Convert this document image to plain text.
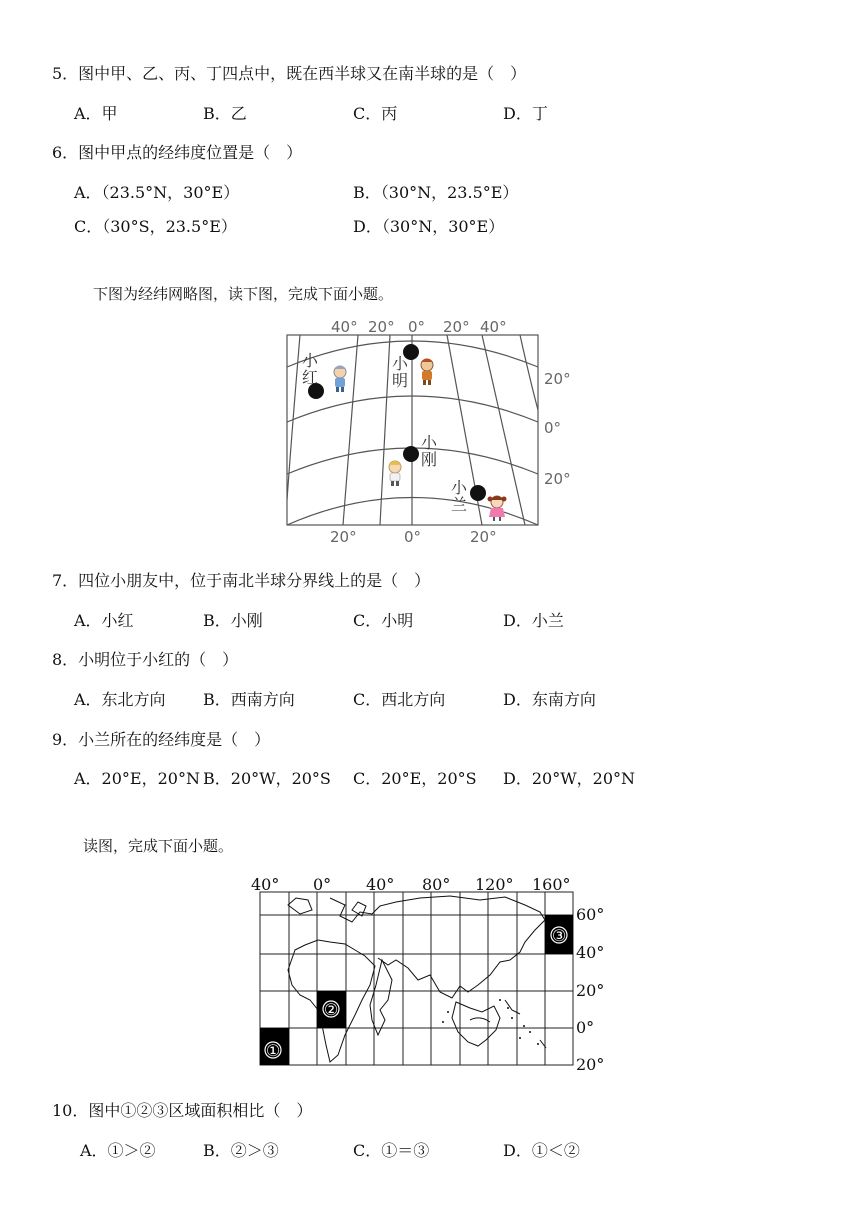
5．图中甲、乙、丙、丁四点中，既在西半球又在南半球的是（　）
A．甲	B．乙	C．丙	D．丁
6．图中甲点的经纬度位置是（　）
A．（23.5°N，30°E）	B．（30°N，23.5°E）
C．（30°S，23.5°E）	D．（30°N，30°E）
下图为经纬网略图，读下图，完成下面小题。
40° 20° 0° 20° 40°
20°	0°	20°
20°
0°
20°
小红
小明
小刚
小兰
7．四位小朋友中，位于南北半球分界线上的是（　）
A．小红	B．小刚	C．小明	D．小兰
8．小明位于小红的（　）
A．东北方向 B．西南方向	C．西北方向	D．东南方向
9．小兰所在的经纬度是（　）
A．20°E，20°N B．20°W，20°S C．20°E，20°S D．20°W，20°N
读图，完成下面小题。
①
②
③
40° 0° 40° 80° 120° 160°
60°
40°
20°
0°
20°
10．图中①②③区域面积相比（　）
A．①＞②	B．②＞③	C．①＝③	D．①＜②
